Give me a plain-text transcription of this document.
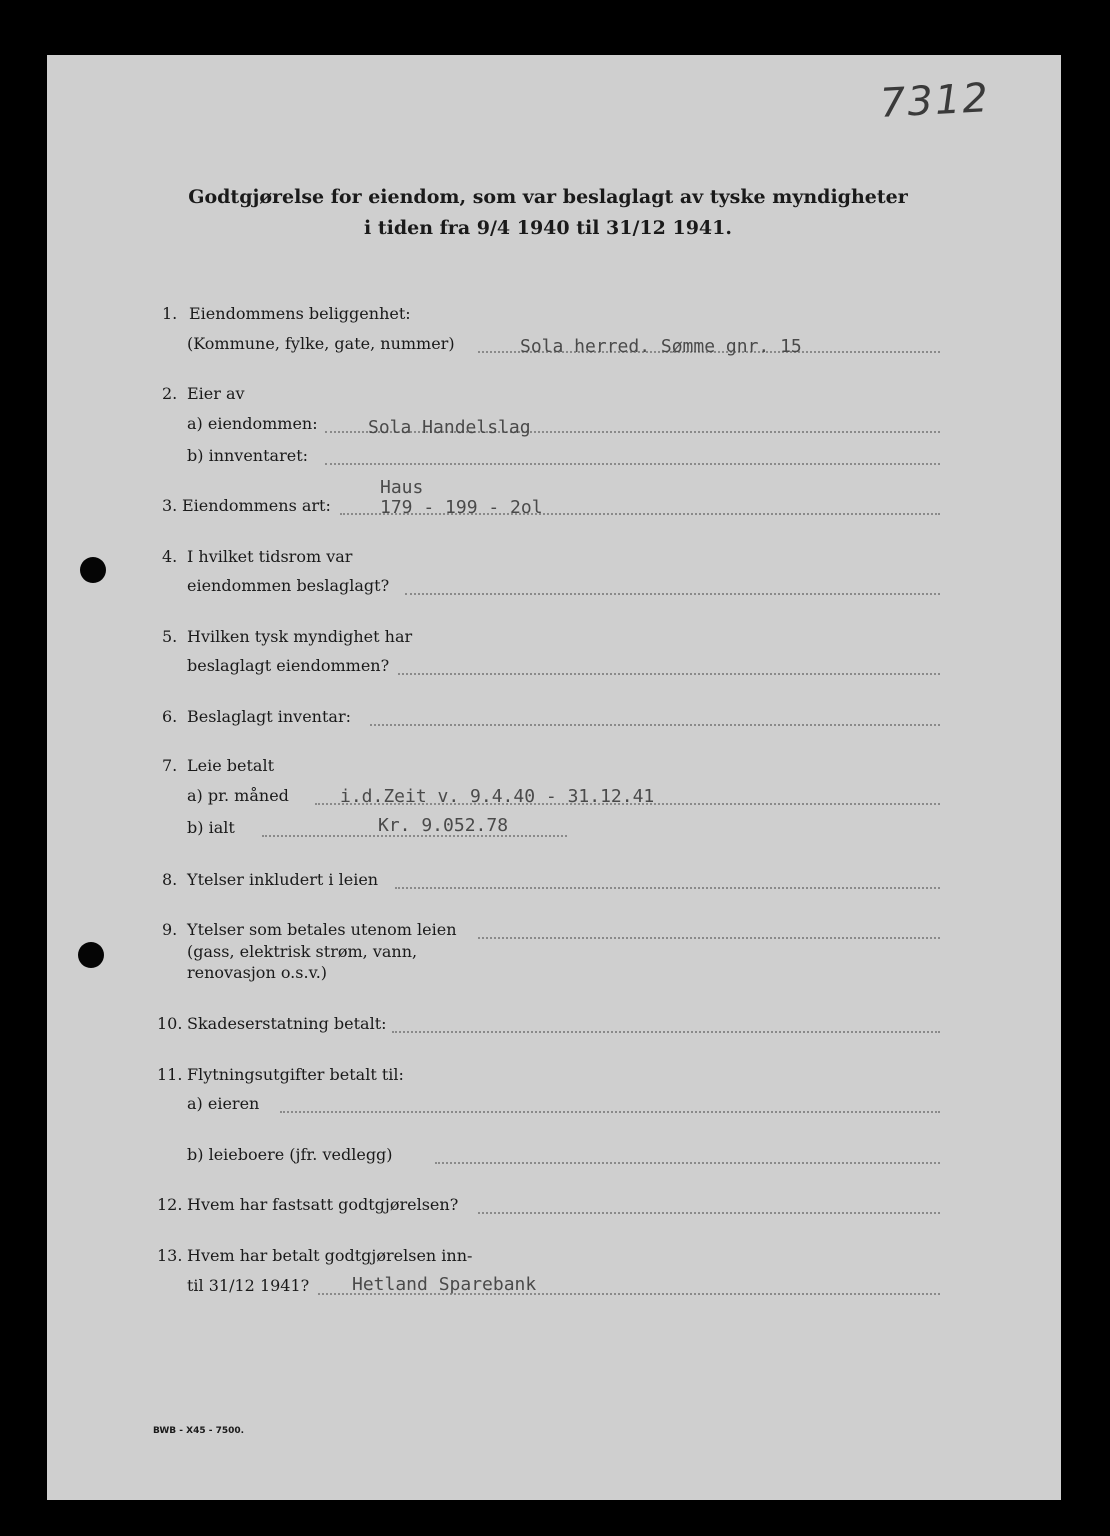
7312
Godtgjørelse for eiendom, som var beslaglagt av tyske myndigheter
i tiden fra 9/4 1940 til 31/12 1941.
1. Eiendommens beliggenhet:
(Kommune, fylke, gate, nummer)	Sola herred. Sømme gnr. 15
2. Eier av
a) eiendommen:	Sola Handelslag
b) innventaret:
3. Eiendommens art:
Haus
179 - 199 - 2ol
4. I hvilket tidsrom var
eiendommen beslaglagt?
5. Hvilken tysk myndighet har
beslaglagt eiendommen?
6. Beslaglagt inventar:
7. Leie betalt
a) pr. måned	i.d.Zeit v. 9.4.40 - 31.12.41
b) ialt	Kr. 9.052.78
8. Ytelser inkludert i leien
9. Ytelser som betales utenom leien
(gass, elektrisk strøm, vann,
renovasjon o.s.v.)
10. Skadeserstatning betalt:
11. Flytningsutgifter betalt til:
a) eieren
b) leieboere (jfr. vedlegg)
12. Hvem har fastsatt godtgjørelsen?
13. Hvem har betalt godtgjørelsen inn-
til 31/12 1941? Hetland Sparebank
BWB - X45 - 7500.
